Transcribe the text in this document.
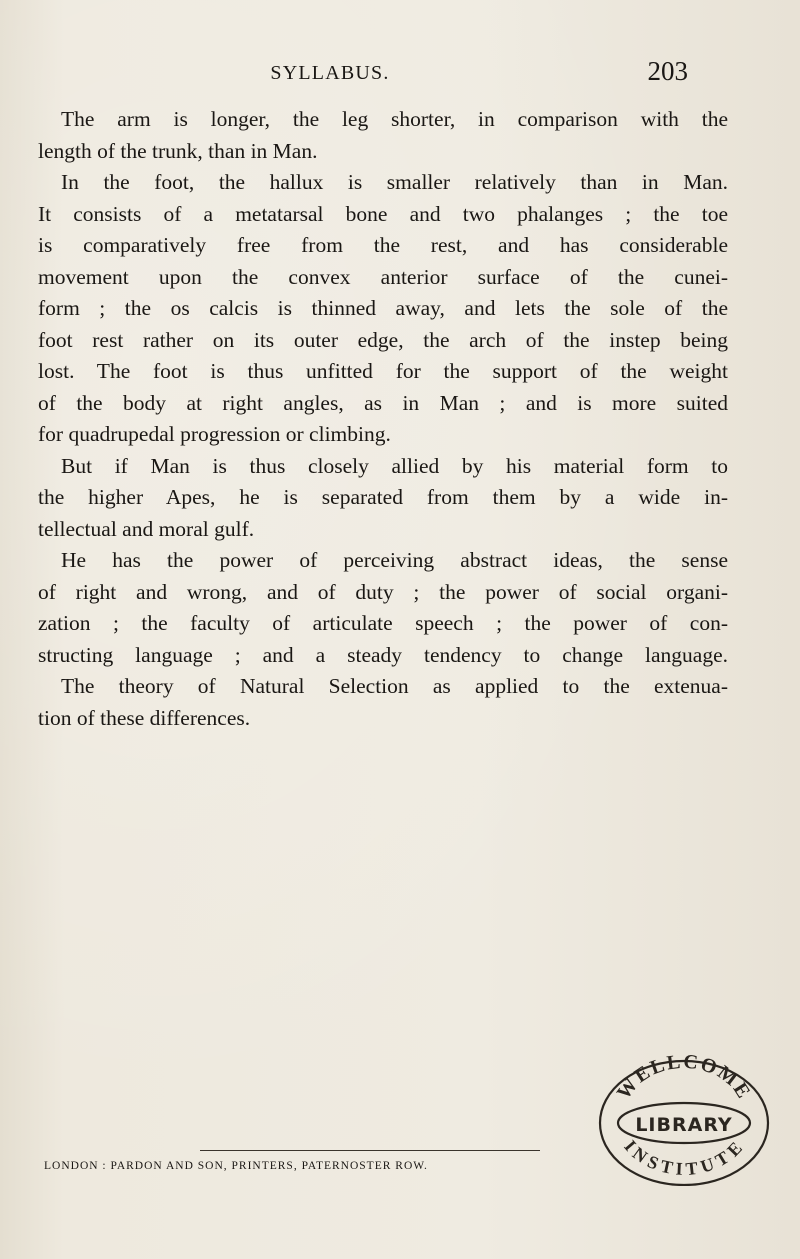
SYLLABUS.	203
The arm is longer, the leg shorter, in comparison with the
length of the trunk, than in Man.
In the foot, the hallux is smaller relatively than in Man.
It consists of a metatarsal bone and two phalanges ; the toe
is comparatively free from the rest, and has considerable
movement upon the convex anterior surface of the cunei-
form ; the os calcis is thinned away, and lets the sole of the
foot rest rather on its outer edge, the arch of the instep being
lost. The foot is thus unfitted for the support of the weight
of the body at right angles, as in Man ; and is more suited
for quadrupedal progression or climbing.
But if Man is thus closely allied by his material form to
the higher Apes, he is separated from them by a wide in-
tellectual and moral gulf.
He has the power of perceiving abstract ideas, the sense
of right and wrong, and of duty ; the power of social organi-
zation ; the faculty of articulate speech ; the power of con-
structing language ; and a steady tendency to change language.
The theory of Natural Selection as applied to the extenua-
tion of these differences.
LONDON : PARDON AND SON, PRINTERS, PATERNOSTER ROW.
WELLCOME
LIBRARY
INSTITUTE
